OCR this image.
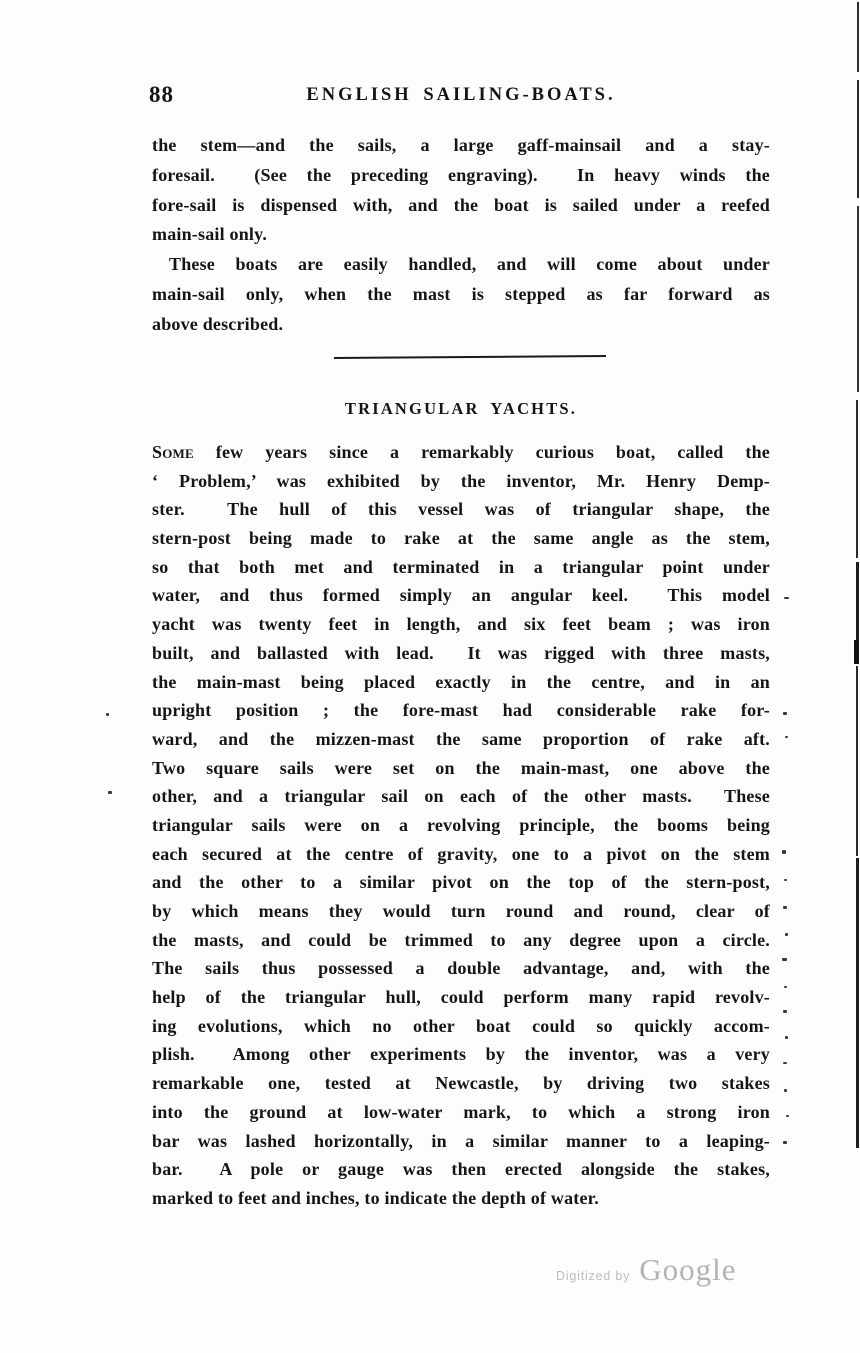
88	ENGLISH SAILING-BOATS.
the stem—and the sails, a large gaff-mainsail and a stay-
foresail.  (See the preceding engraving).  In heavy winds the
fore-sail is dispensed with, and the boat is sailed under a reefed
main-sail only.
These boats are easily handled, and will come about under
main-sail only, when the mast is stepped as far forward as
above described.
TRIANGULAR YACHTS.
Some few years since a remarkably curious boat, called the
‘ Problem,’ was exhibited by the inventor, Mr. Henry Demp-
ster.  The hull of this vessel was of triangular shape, the
stern-post being made to rake at the same angle as the stem,
so that both met and terminated in a triangular point under
water, and thus formed simply an angular keel.  This model
yacht was twenty feet in length, and six feet beam ; was iron
built, and ballasted with lead.  It was rigged with three masts,
the main-mast being placed exactly in the centre, and in an
upright position ; the fore-mast had considerable rake for-
ward, and the mizzen-mast the same proportion of rake aft.
Two square sails were set on the main-mast, one above the
other, and a triangular sail on each of the other masts.  These
triangular sails were on a revolving principle, the booms being
each secured at the centre of gravity, one to a pivot on the stem
and the other to a similar pivot on the top of the stern-post,
by which means they would turn round and round, clear of
the masts, and could be trimmed to any degree upon a circle.
The sails thus possessed a double advantage, and, with the
help of the triangular hull, could perform many rapid revolv-
ing evolutions, which no other boat could so quickly accom-
plish.  Among other experiments by the inventor, was a very
remarkable one, tested at Newcastle, by driving two stakes
into the ground at low-water mark, to which a strong iron
bar was lashed horizontally, in a similar manner to a leaping-
bar.  A pole or gauge was then erected alongside the stakes,
marked to feet and inches, to indicate the depth of water.
Digitized by Google
